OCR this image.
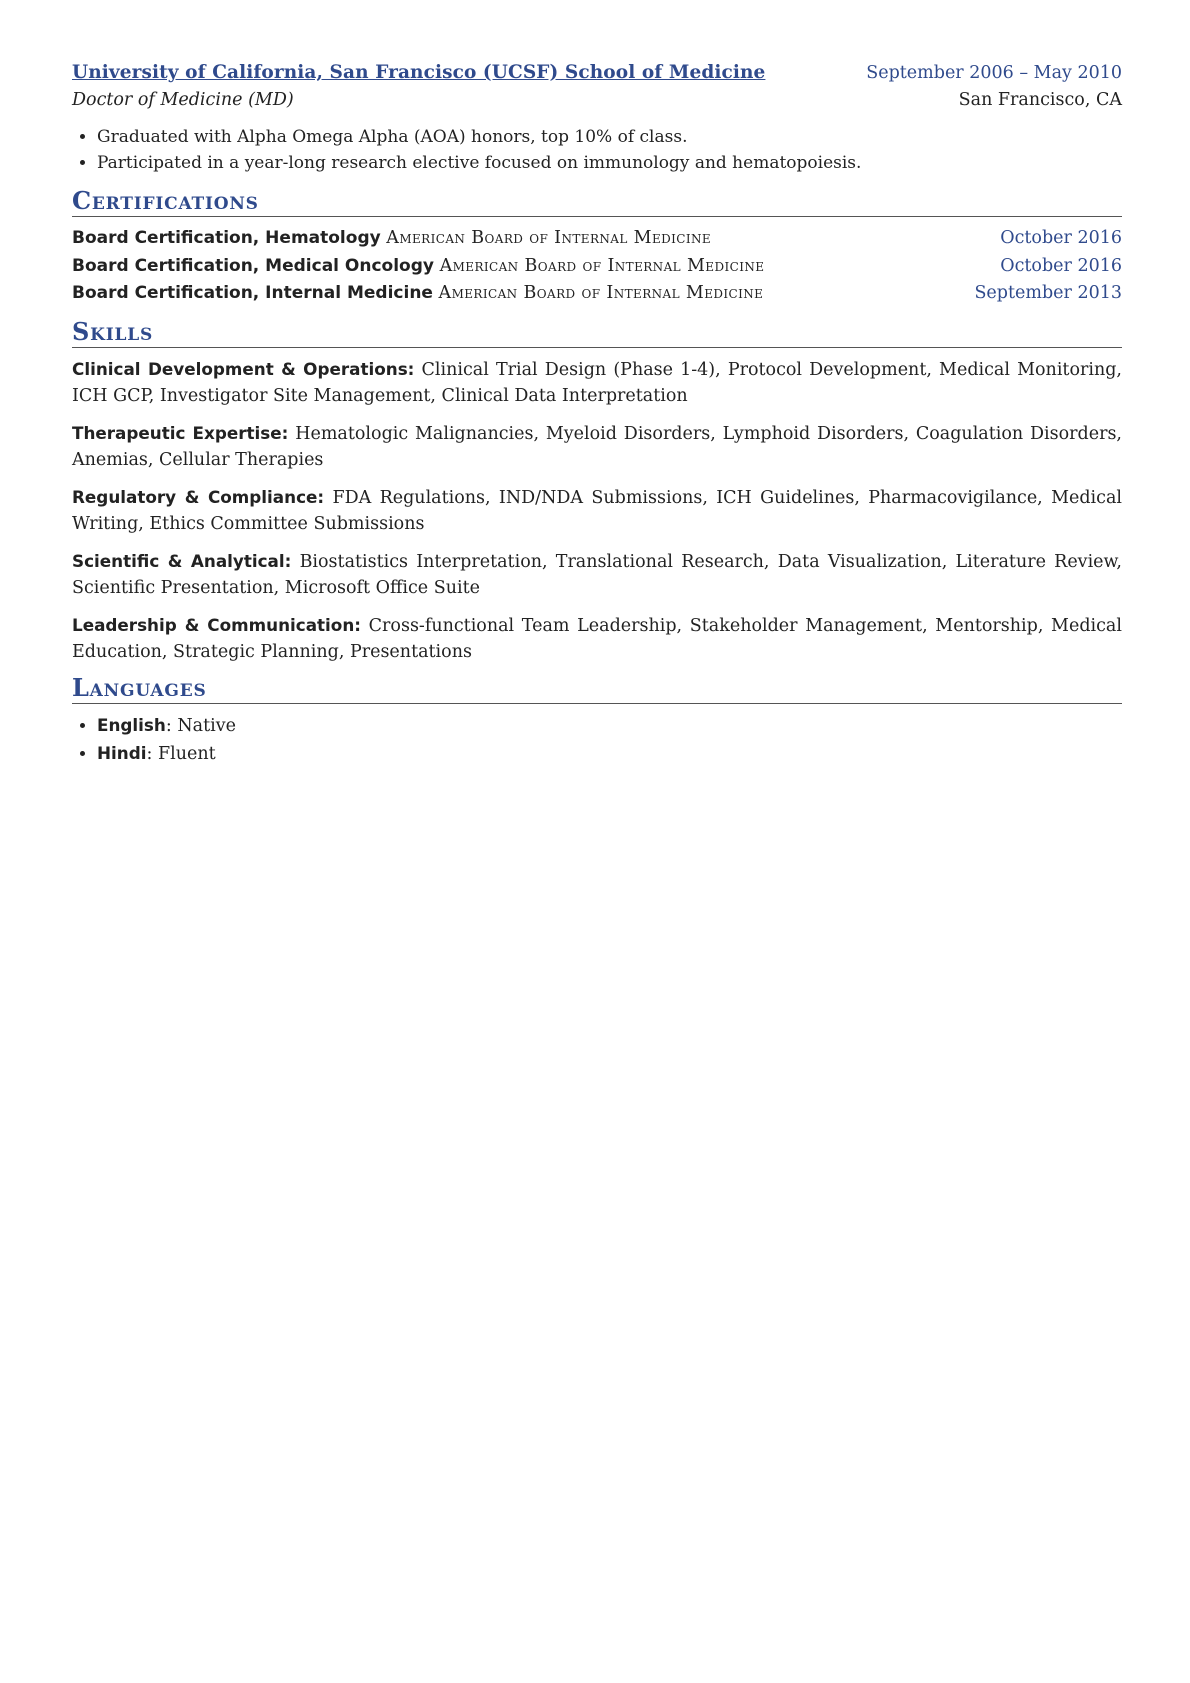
University of California, San Francisco (UCSF) School of Medicine	September 2006 – May 2010
Doctor of Medicine (MD)	San Francisco, CA
• Graduated with Alpha Omega Alpha (AOA) honors, top 10% of class.
• Participated in a year-long research elective focused on immunology and hematopoiesis.
Certifications
Board Certification, Hematology American Board of Internal Medicine	October 2016
Board Certification, Medical Oncology American Board of Internal Medicine	October 2016
Board Certification, Internal Medicine American Board of Internal Medicine	September 2013
Skills
Clinical Development & Operations: Clinical Trial Design (Phase 1-4), Protocol Development, Medical Monitoring, ICH GCP, Investigator Site Management, Clinical Data Interpretation
Therapeutic Expertise: Hematologic Malignancies, Myeloid Disorders, Lymphoid Disorders, Coagulation Disorders, Anemias, Cellular Therapies
Regulatory & Compliance: FDA Regulations, IND/NDA Submissions, ICH Guidelines, Pharmacovigilance, Medical Writing, Ethics Committee Submissions
Scientific & Analytical: Biostatistics Interpretation, Translational Research, Data Visualization, Literature Review, Scientific Presentation, Microsoft Office Suite
Leadership & Communication: Cross-functional Team Leadership, Stakeholder Management, Mentorship, Medical Education, Strategic Planning, Presentations
Languages
• English: Native
• Hindi: Fluent
